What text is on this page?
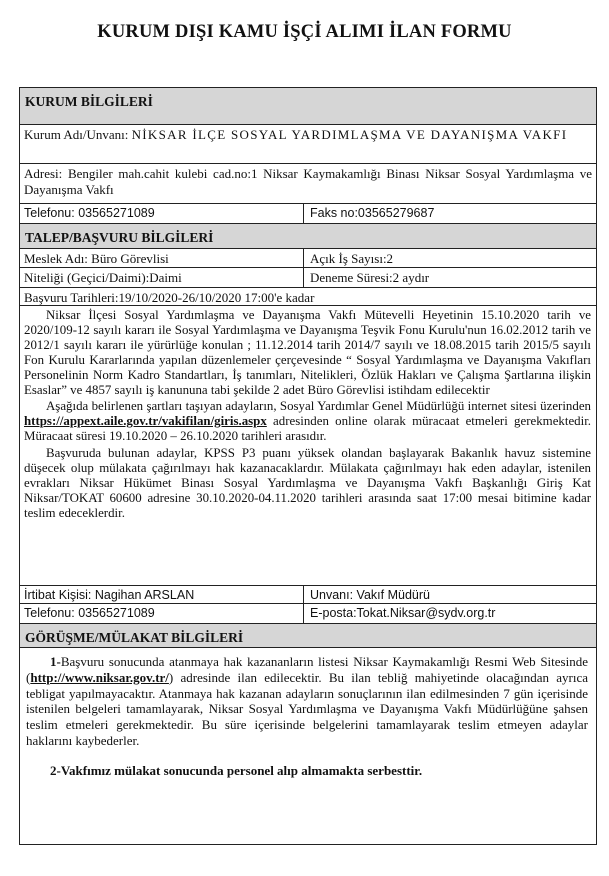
KURUM DIŞI KAMU İŞÇİ ALIMI İLAN FORMU
KURUM BİLGİLERİ
Kurum Adı/Unvanı: NİKSAR İLÇE SOSYAL YARDIMLAŞMA VE DAYANIŞMA VAKFI
Adresi: Bengiler mah.cahit kulebi cad.no:1 Niksar Kaymakamlığı Binası Niksar Sosyal Yardımlaşma ve Dayanışma Vakfı
Telefonu: 03565271089	Faks no:03565279687
TALEP/BAŞVURU BİLGİLERİ
Meslek Adı: Büro Görevlisi	Açık İş Sayısı:2
Niteliği (Geçici/Daimi):Daimi	Deneme Süresi:2 aydır
Başvuru Tarihleri:19/10/2020-26/10/2020 17:00'e kadar

Niksar İlçesi Sosyal Yardımlaşma ve Dayanışma Vakfı Mütevelli Heyetinin 15.10.2020 tarih ve 2020/109-12 sayılı kararı ile Sosyal Yardımlaşma ve Dayanışma Teşvik Fonu Kurulu'nun 16.02.2012 tarih ve 2012/1 sayılı kararı ile yürürlüğe konulan ; 11.12.2014 tarih 2014/7 sayılı ve 18.08.2015 tarih 2015/5 sayılı Fon Kurulu Kararlarında yapılan düzenlemeler çerçevesinde “ Sosyal Yardımlaşma ve Dayanışma Vakıfları Personelinin Norm Kadro Standartları, İş tanımları, Nitelikleri, Özlük Hakları ve Çalışma Şartlarına ilişkin Esaslar” ve 4857 sayılı iş kanununa tabi şekilde 2 adet Büro Görevlisi istihdam edilecektir

Aşağıda belirlenen şartları taşıyan adayların, Sosyal Yardımlar Genel Müdürlüğü internet sitesi üzerinden https://appext.aile.gov.tr/vakifilan/giris.aspx adresinden online olarak müracaat etmeleri gerekmektedir. Müracaat süresi 19.10.2020 – 26.10.2020 tarihleri arasıdır.

Başvuruda bulunan adaylar, KPSS P3 puanı yüksek olandan başlayarak Bakanlık havuz sistemine düşecek olup mülakata çağırılmayı hak kazanacaklardır. Mülakata çağırılmayı hak eden adaylar, istenilen evrakları Niksar Hükümet Binası Sosyal Yardımlaşma ve Dayanışma Vakfı Başkanlığı Giriş Kat Niksar/TOKAT 60600 adresine 30.10.2020-04.11.2020 tarihleri arasında saat 17:00 mesai bitimine kadar teslim edeceklerdir.

İrtibat Kişisi: Nagihan ARSLAN	Unvanı: Vakıf Müdürü
Telefonu: 03565271089	E-posta:Tokat.Niksar@sydv.org.tr
GÖRÜŞME/MÜLAKAT BİLGİLERİ

1-Başvuru sonucunda atanmaya hak kazananların listesi Niksar Kaymakamlığı Resmi Web Sitesinde (http://www.niksar.gov.tr/) adresinde ilan edilecektir. Bu ilan tebliğ mahiyetinde olacağından ayrıca tebligat yapılmayacaktır. Atanmaya hak kazanan adayların sonuçlarının ilan edilmesinden 7 gün içerisinde istenilen belgeleri tamamlayarak, Niksar Sosyal Yardımlaşma ve Dayanışma Vakfı Müdürlüğüne şahsen teslim etmeleri gerekmektedir. Bu süre içerisinde belgelerini tamamlayarak teslim etmeyen adaylar haklarını kaybederler.

2-Vakfımız mülakat sonucunda personel alıp almamakta serbesttir.
